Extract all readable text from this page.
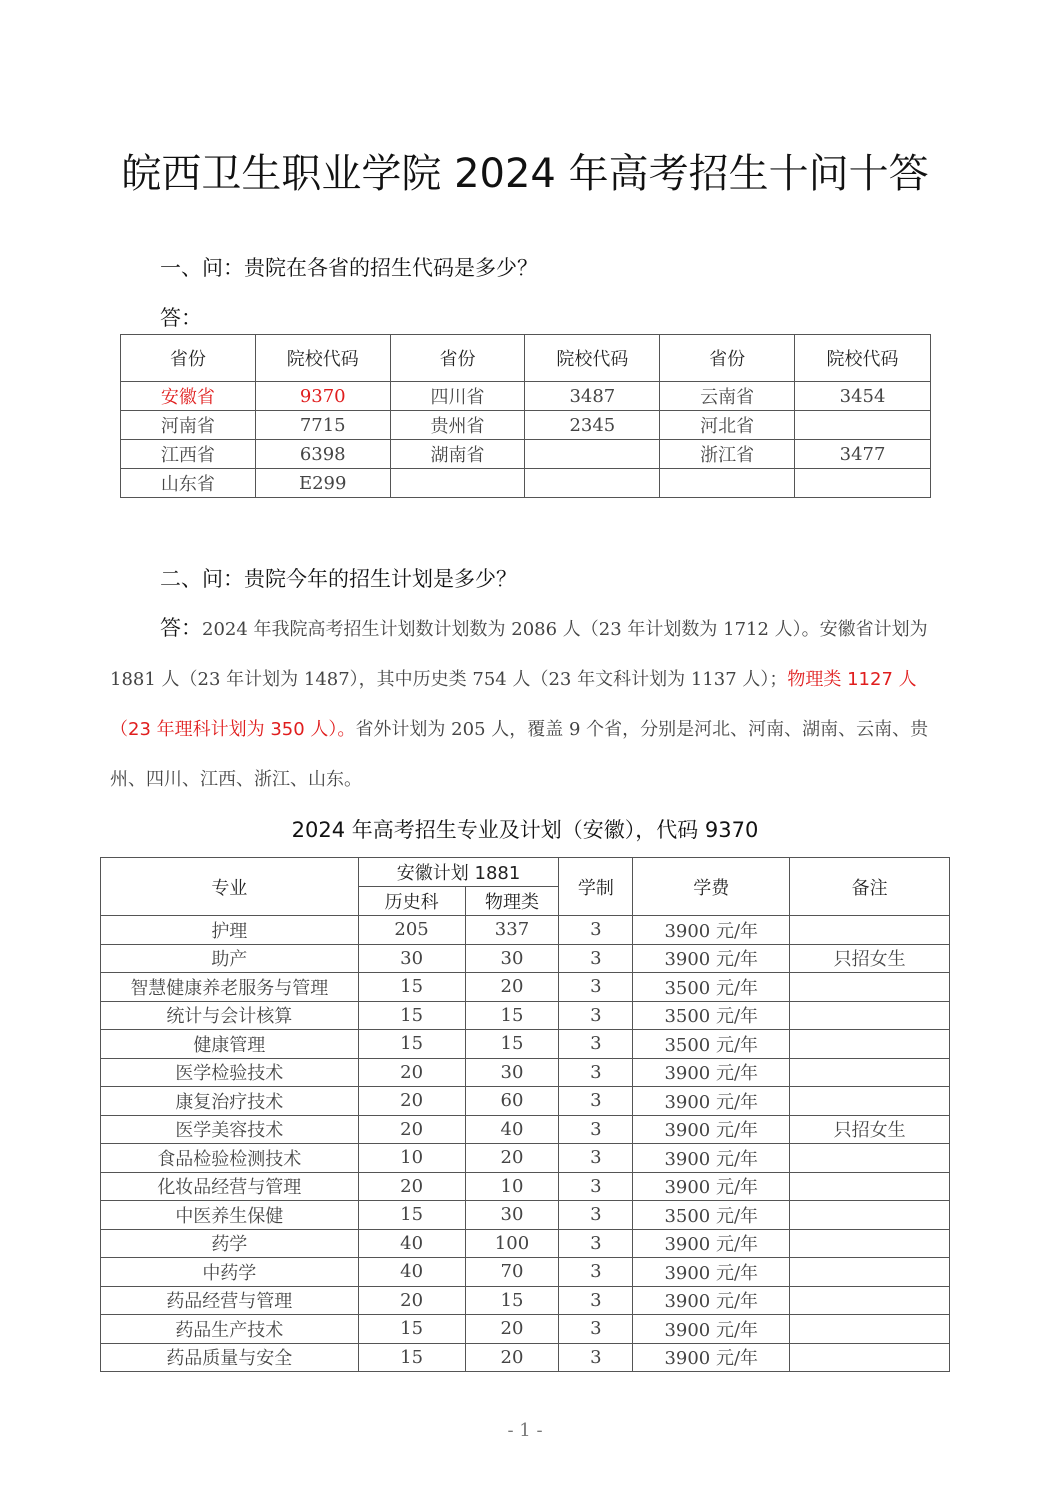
皖西卫生职业学院 2024 年高考招生十问十答
一、问：贵院在各省的招生代码是多少？
答：
省份	院校代码	省份	院校代码	省份	院校代码
安徽省	9370	四川省	3487	云南省	3454
河南省	7715	贵州省	2345	河北省	
江西省	6398	湖南省		浙江省	3477
山东省	E299				
二、问：贵院今年的招生计划是多少？
答：2024 年我院高考招生计划数计划数为 2086 人（23 年计划数为 1712 人）。安徽省计划为 1881 人（23 年计划为 1487），其中历史类 754 人（23 年文科计划为 1137 人）；物理类 1127 人（23 年理科计划为 350 人）。省外计划为 205 人，覆盖 9 个省，分别是河北、河南、湖南、云南、贵州、四川、江西、浙江、山东。
2024 年高考招生专业及计划（安徽），代码 9370
专业	安徽计划 1881		学制	学费	备注
	历史科	物理类			
护理	205	337	3	3900 元/年	
助产	30	30	3	3900 元/年	只招女生
智慧健康养老服务与管理	15	20	3	3500 元/年	
统计与会计核算	15	15	3	3500 元/年	
健康管理	15	15	3	3500 元/年	
医学检验技术	20	30	3	3900 元/年	
康复治疗技术	20	60	3	3900 元/年	
医学美容技术	20	40	3	3900 元/年	只招女生
食品检验检测技术	10	20	3	3900 元/年	
化妆品经营与管理	20	10	3	3900 元/年	
中医养生保健	15	30	3	3500 元/年	
药学	40	100	3	3900 元/年	
中药学	40	70	3	3900 元/年	
药品经营与管理	20	15	3	3900 元/年	
药品生产技术	15	20	3	3900 元/年	
药品质量与安全	15	20	3	3900 元/年	
- 1 -
